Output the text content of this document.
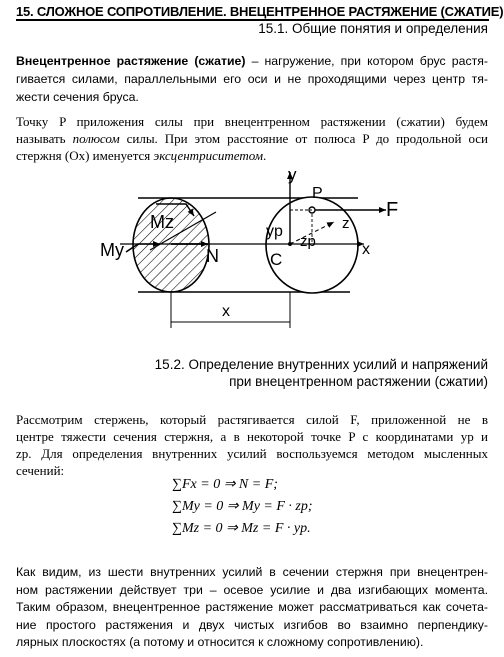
15. СЛОЖНОЕ СОПРОТИВЛЕНИЕ. ВНЕЦЕНТРЕННОЕ РАСТЯЖЕНИЕ (СЖАТИЕ)
15.1. Общие понятия и определения
Внецентренное растяжение (сжатие) – нагружение, при котором брус растя-
гивается силами, параллельными его оси и не проходящими через центр тя-
жести сечения бруса.
Точку P приложения силы при внецентренном растяжении (сжатии) будем
называть полюсом силы. При этом расстояние от полюса P до продольной оси
стержня (Ox) именуется эксцентриситетом.
y
P
F
Mz
My
yp
zp
z
x
N	C
x
15.2. Определение внутренних усилий и напряжений
при внецентренном растяжении (сжатии)
Рассмотрим стержень, который растягивается силой F, приложенной не в
центре тяжести сечения стержня, а в некоторой точке P с координатами yp и
zp. Для определения внутренних усилий воспользуемся методом мысленных
сечений:
∑Fx = 0 ⇒ N = F;
∑My = 0 ⇒ My = F · zp;
∑Mz = 0 ⇒ Mz = F · yp.
Как видим, из шести внутренних усилий в сечении стержня при внецентрен-
ном растяжении действует три – осевое усилие и два изгибающих момента.
Таким образом, внецентренное растяжение может рассматриваться как сочета-
ние простого растяжения и двух чистых изгибов во взаимно перпендику-
лярных плоскостях (а потому и относится к сложному сопротивлению).
